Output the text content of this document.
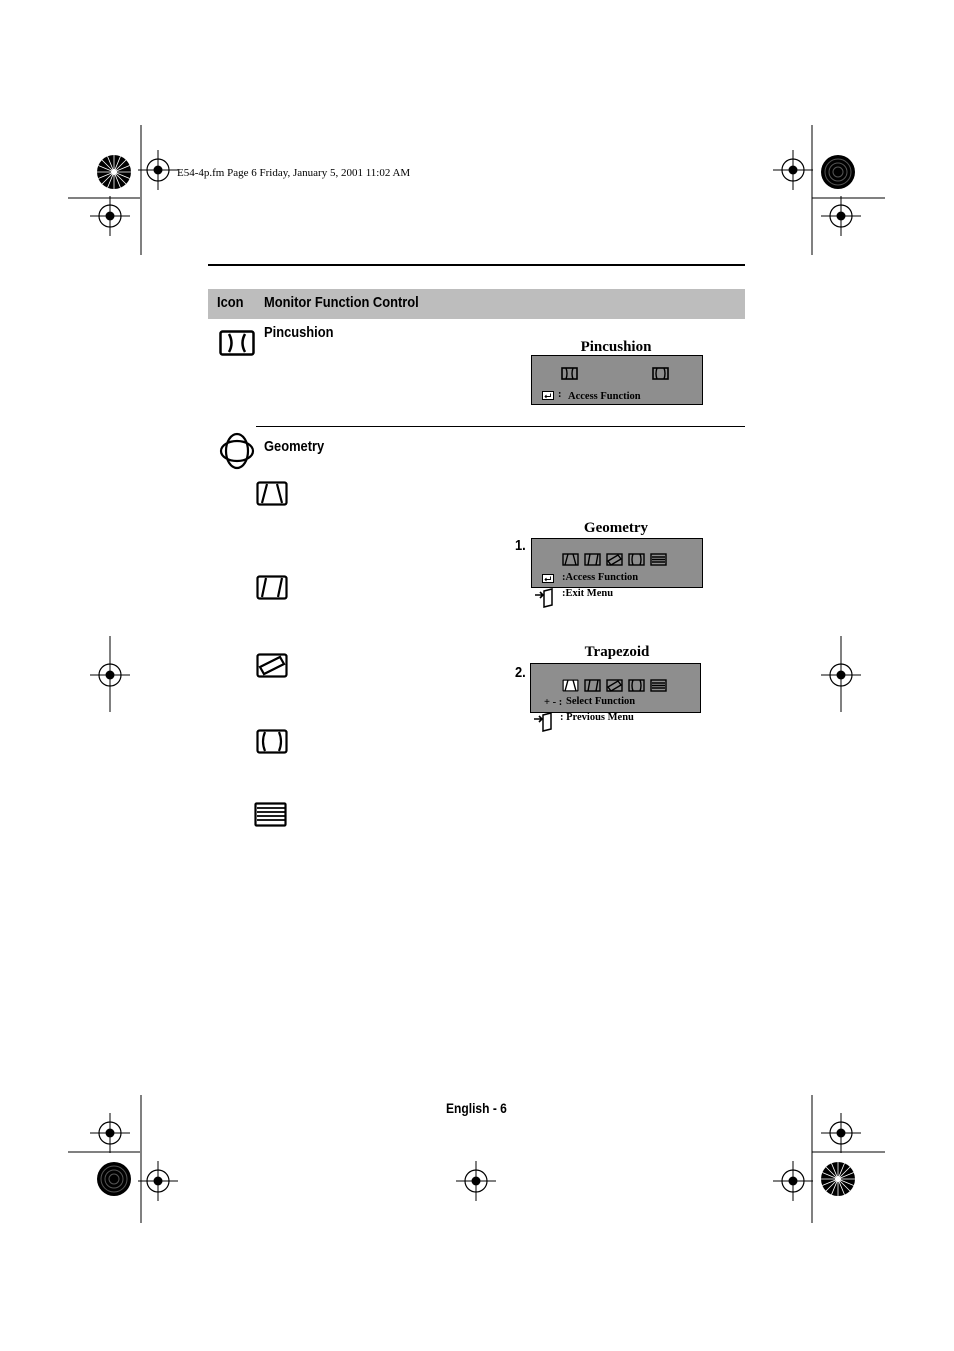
E54-4p.fm Page 6 Friday, January 5, 2001 11:02 AM
Icon Monitor Function Control
Pincushion
Pincushion
: Access Function
Geometry
Geometry
1.
:Access Function
:Exit Menu
Trapezoid
2.
+ - : Select Function
: Previous Menu
English - 6
